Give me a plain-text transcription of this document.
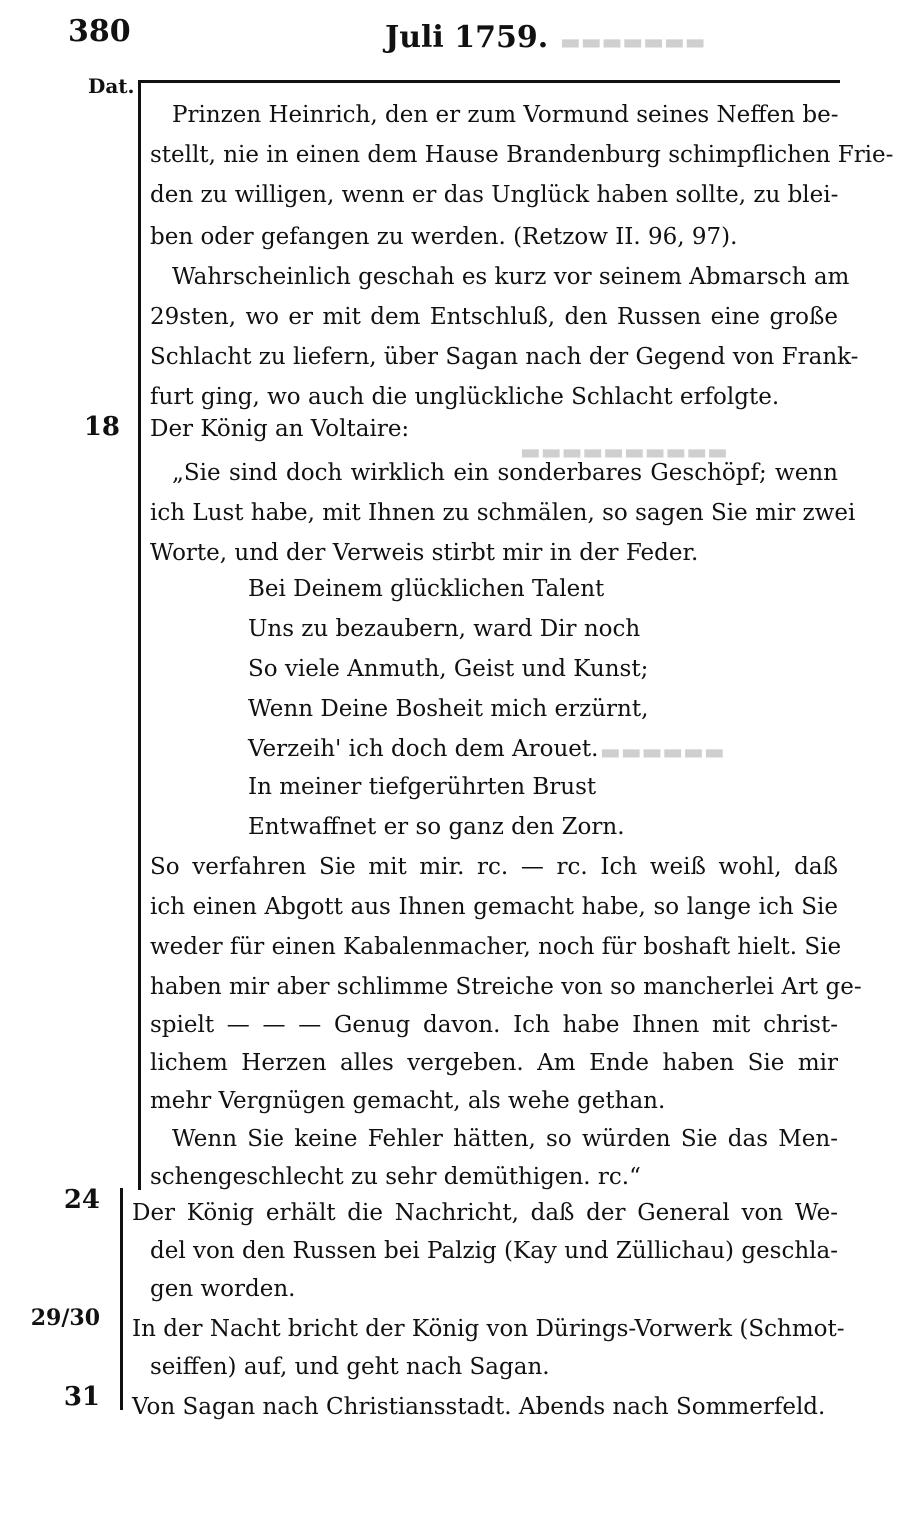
▬▬▬▬▬▬▬
▬▬▬▬▬▬▬▬▬▬
▬▬▬▬▬▬
380	Juli 1759.
Dat.
18
24
29/30
31
Prinzen Heinrich, den er zum Vormund seines Neffen be-
stellt, nie in einen dem Hause Brandenburg schimpflichen Frie-
den zu willigen, wenn er das Unglück haben sollte, zu blei-
ben oder gefangen zu werden. (Retzow II. 96, 97).
Wahrscheinlich geschah es kurz vor seinem Abmarsch am
29sten, wo er mit dem Entschluß, den Russen eine große
Schlacht zu liefern, über Sagan nach der Gegend von Frank-
furt ging, wo auch die unglückliche Schlacht erfolgte.
Der König an Voltaire:
„Sie sind doch wirklich ein sonderbares Geschöpf; wenn
ich Lust habe, mit Ihnen zu schmälen, so sagen Sie mir zwei
Worte, und der Verweis stirbt mir in der Feder.
Bei Deinem glücklichen Talent
Uns zu bezaubern, ward Dir noch
So viele Anmuth, Geist und Kunst;
Wenn Deine Bosheit mich erzürnt,
Verzeih' ich doch dem Arouet.
In meiner tiefgerührten Brust
Entwaffnet er so ganz den Zorn.
So verfahren Sie mit mir. rc. — rc. Ich weiß wohl, daß
ich einen Abgott aus Ihnen gemacht habe, so lange ich Sie
weder für einen Kabalenmacher, noch für boshaft hielt. Sie
haben mir aber schlimme Streiche von so mancherlei Art ge-
spielt — — — Genug davon. Ich habe Ihnen mit christ-
lichem Herzen alles vergeben. Am Ende haben Sie mir
mehr Vergnügen gemacht, als wehe gethan.
Wenn Sie keine Fehler hätten, so würden Sie das Men-
schengeschlecht zu sehr demüthigen. rc.“
Der König erhält die Nachricht, daß der General von We-
del von den Russen bei Palzig (Kay und Züllichau) geschla-
gen worden.
In der Nacht bricht der König von Dürings-Vorwerk (Schmot-
seiffen) auf, und geht nach Sagan.
Von Sagan nach Christiansstadt. Abends nach Sommerfeld.
